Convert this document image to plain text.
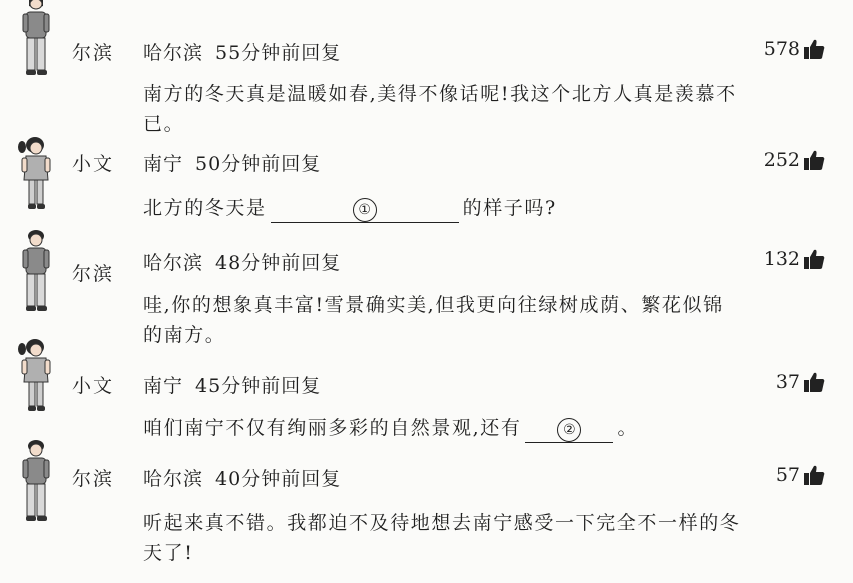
尔滨 哈尔滨 55分钟前回复	578
南方的冬天真是温暖如春,美得不像话呢!我这个北方人真是羡慕不已。
小文 南宁 50分钟前回复	252
北方的冬天是	①	的样子吗?
尔滨 哈尔滨 48分钟前回复	132
哇,你的想象真丰富!雪景确实美,但我更向往绿树成荫、繁花似锦的南方。
小文 南宁 45分钟前回复	37
咱们南宁不仅有绚丽多彩的自然景观,还有	② 。
尔滨 哈尔滨 40分钟前回复	57
听起来真不错。我都迫不及待地想去南宁感受一下完全不一样的冬天了!
